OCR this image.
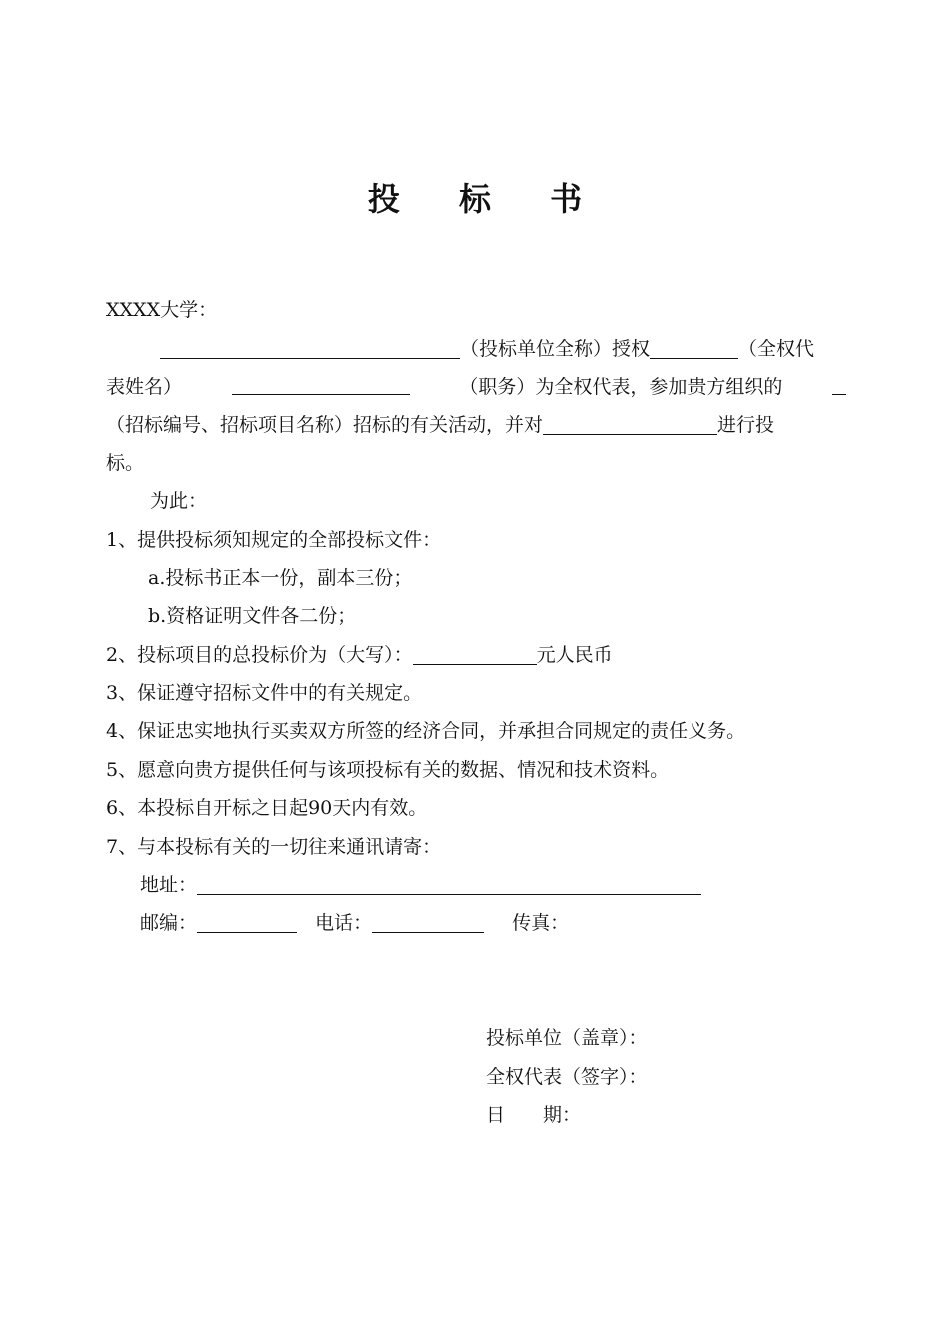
投 标 书
XXXX大学：
（投标单位全称）授权	（全权代
表姓名）	（职务）为全权代表，参加贵方组织的
（招标编号、招标项目名称）招标的有关活动，并对	进行投
标。
为此：
1、提供投标须知规定的全部投标文件：
a.投标书正本一份，副本三份；
b.资格证明文件各二份；
2、投标项目的总投标价为（大写）：	元人民币
3、保证遵守招标文件中的有关规定。
4、保证忠实地执行买卖双方所签的经济合同，并承担合同规定的责任义务。
5、愿意向贵方提供任何与该项投标有关的数据、情况和技术资料。
6、本投标自开标之日起90天内有效。
7、与本投标有关的一切往来通讯请寄：
地址：
邮编：	电话：	传真：
投标单位（盖章）：
全权代表（签字）：
日　　期：
